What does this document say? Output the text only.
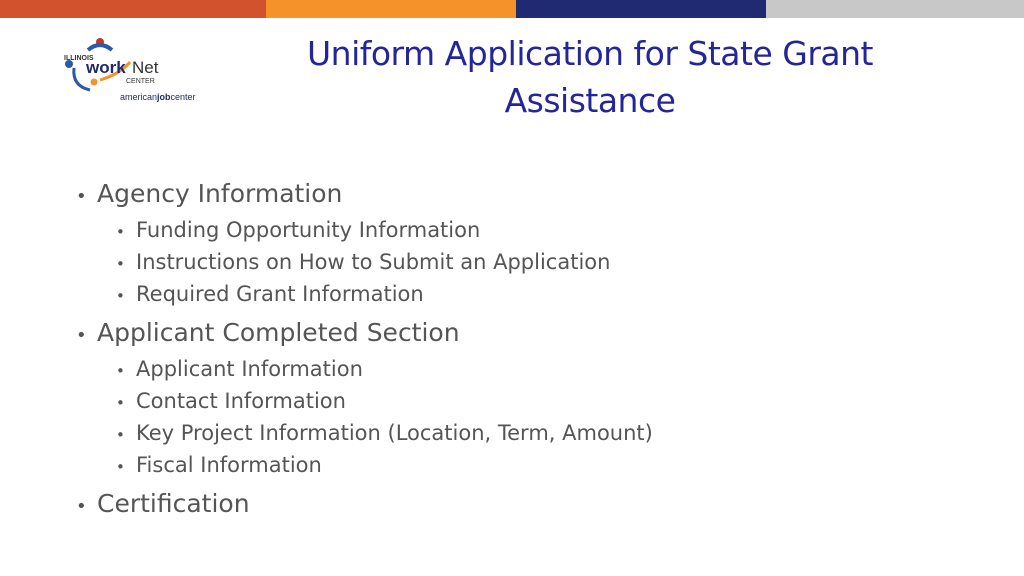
ILLINOIS
work Net
CENTER
americanjobcenter
Uniform Application for State Grant
Assistance
• Agency Information
• Funding Opportunity Information
• Instructions on How to Submit an Application
• Required Grant Information
• Applicant Completed Section
• Applicant Information
• Contact Information
• Key Project Information (Location, Term, Amount)
• Fiscal Information
• Certification
